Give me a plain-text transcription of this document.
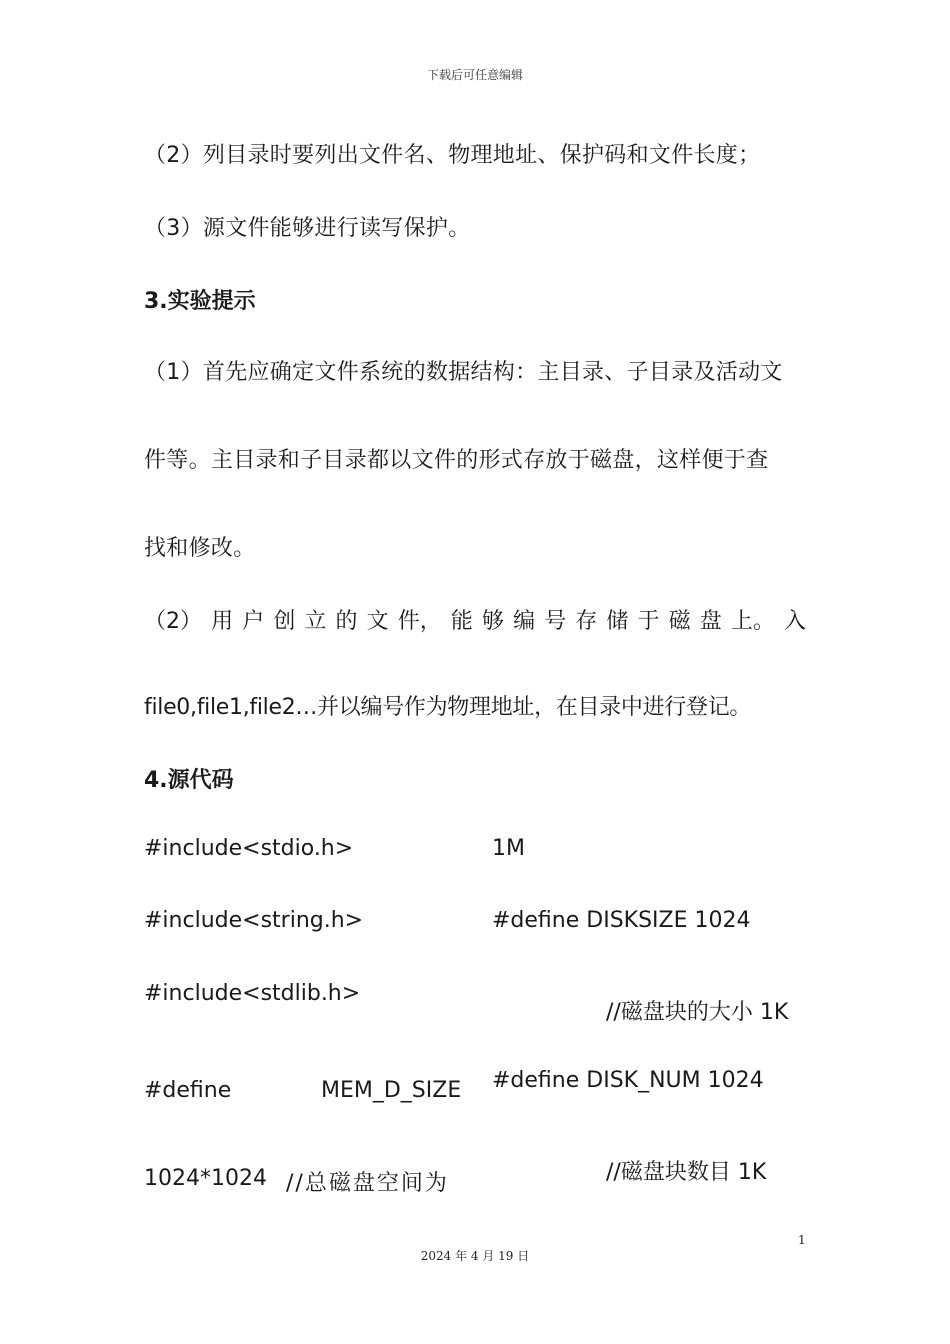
下载后可任意编辑
（2）列目录时要列出文件名、物理地址、保护码和文件长度；
（3）源文件能够进行读写保护。
3.实验提示
（1）首先应确定文件系统的数据结构：主目录、子目录及活动文
件等。主目录和子目录都以文件的形式存放于磁盘，这样便于查
找和修改。
（2） 用 户 创 立 的 文 件， 能 够 编 号 存 储 于 磁 盘 上。 入
file0,file1,file2…并以编号作为物理地址，在目录中进行登记。
4.源代码
#include<stdio.h>
#include<string.h>
#include<stdlib.h>
#define	MEM_D_SIZE
1024*1024 //总磁盘空间为
1M
#define DISKSIZE 1024
//磁盘块的大小 1K
#define DISK_NUM 1024
//磁盘块数目 1K
1
2024 年 4 月 19 日
